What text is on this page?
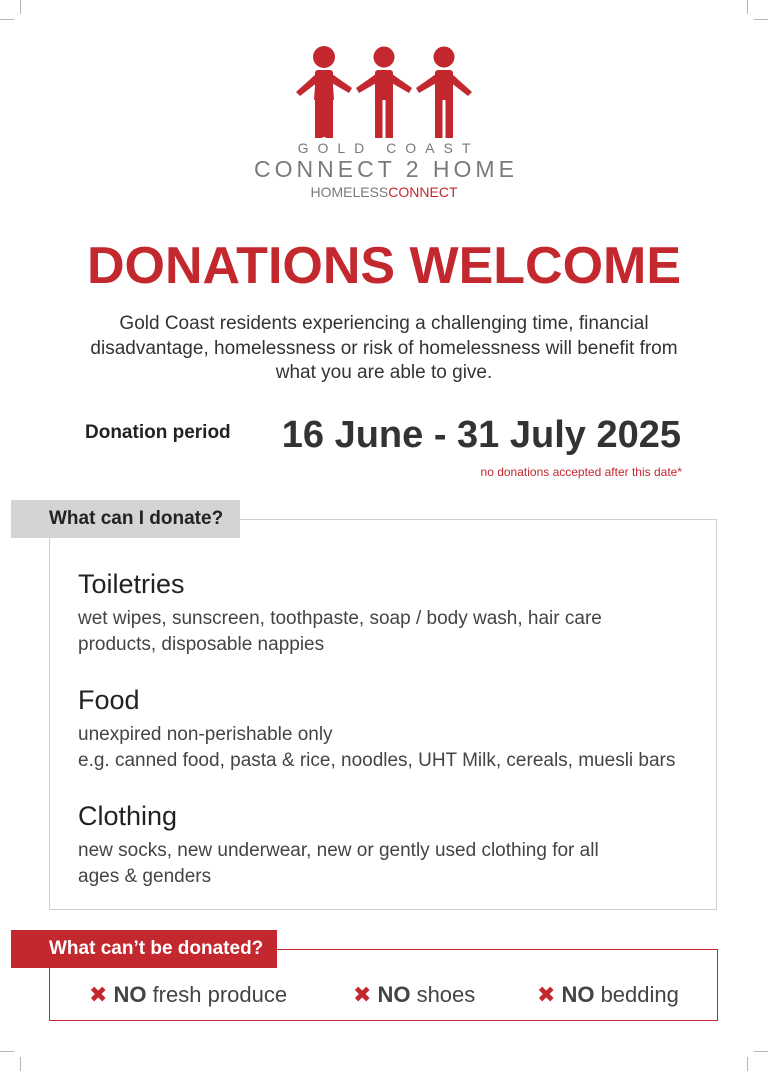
GOLD COAST
CONNECT 2 HOME
HOMELESSCONNECT
DONATIONS WELCOME
Gold Coast residents experiencing a challenging time, financial disadvantage, homelessness or risk of homelessness will benefit from what you are able to give.
Donation period 16 June - 31 July 2025
no donations accepted after this date*
What can I donate?
Toiletries
wet wipes, sunscreen, toothpaste, soap / body wash, hair care
products, disposable nappies
Food
unexpired non-perishable only
e.g. canned food, pasta & rice, noodles, UHT Milk, cereals, muesli bars
Clothing
new socks, new underwear, new or gently used clothing for all
ages & genders
What can’t be donated?
✖ NO fresh produce	✖ NO shoes	✖ NO bedding
